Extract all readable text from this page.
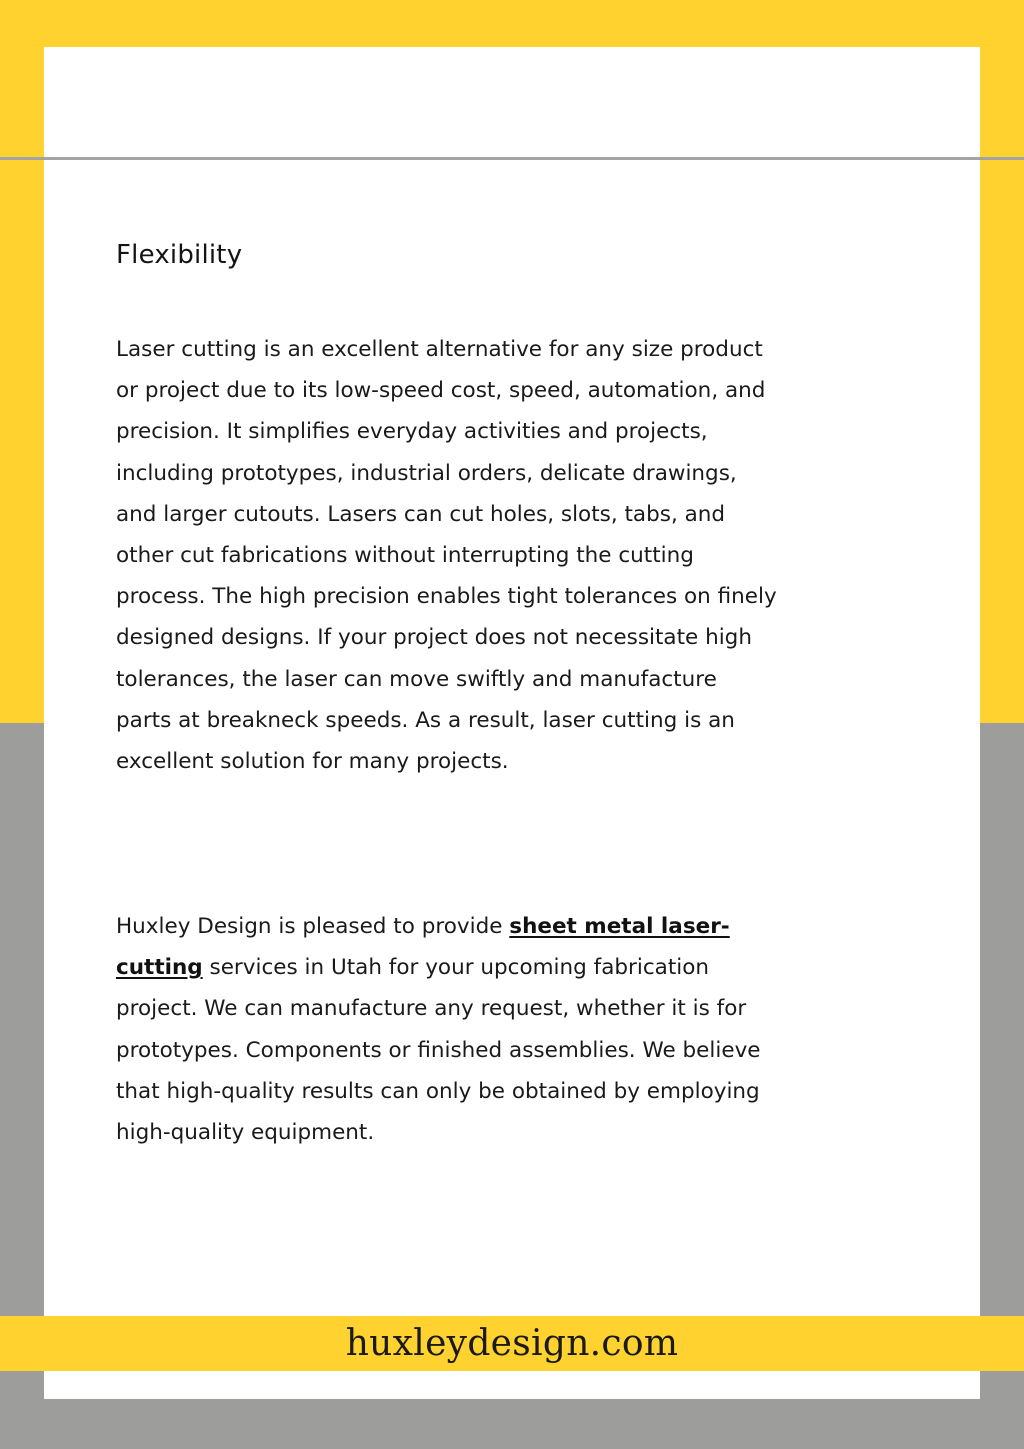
Flexibility

Laser cutting is an excellent alternative for any size product
or project due to its low-speed cost, speed, automation, and
precision. It simplifies everyday activities and projects,
including prototypes, industrial orders, delicate drawings,
and larger cutouts. Lasers can cut holes, slots, tabs, and
other cut fabrications without interrupting the cutting
process. The high precision enables tight tolerances on finely
designed designs. If your project does not necessitate high
tolerances, the laser can move swiftly and manufacture
parts at breakneck speeds. As a result, laser cutting is an
excellent solution for many projects.

Huxley Design is pleased to provide sheet metal laser-
cutting services in Utah for your upcoming fabrication
project. We can manufacture any request, whether it is for
prototypes. Components or finished assemblies. We believe
that high-quality results can only be obtained by employing
high-quality equipment.

huxleydesign.com
